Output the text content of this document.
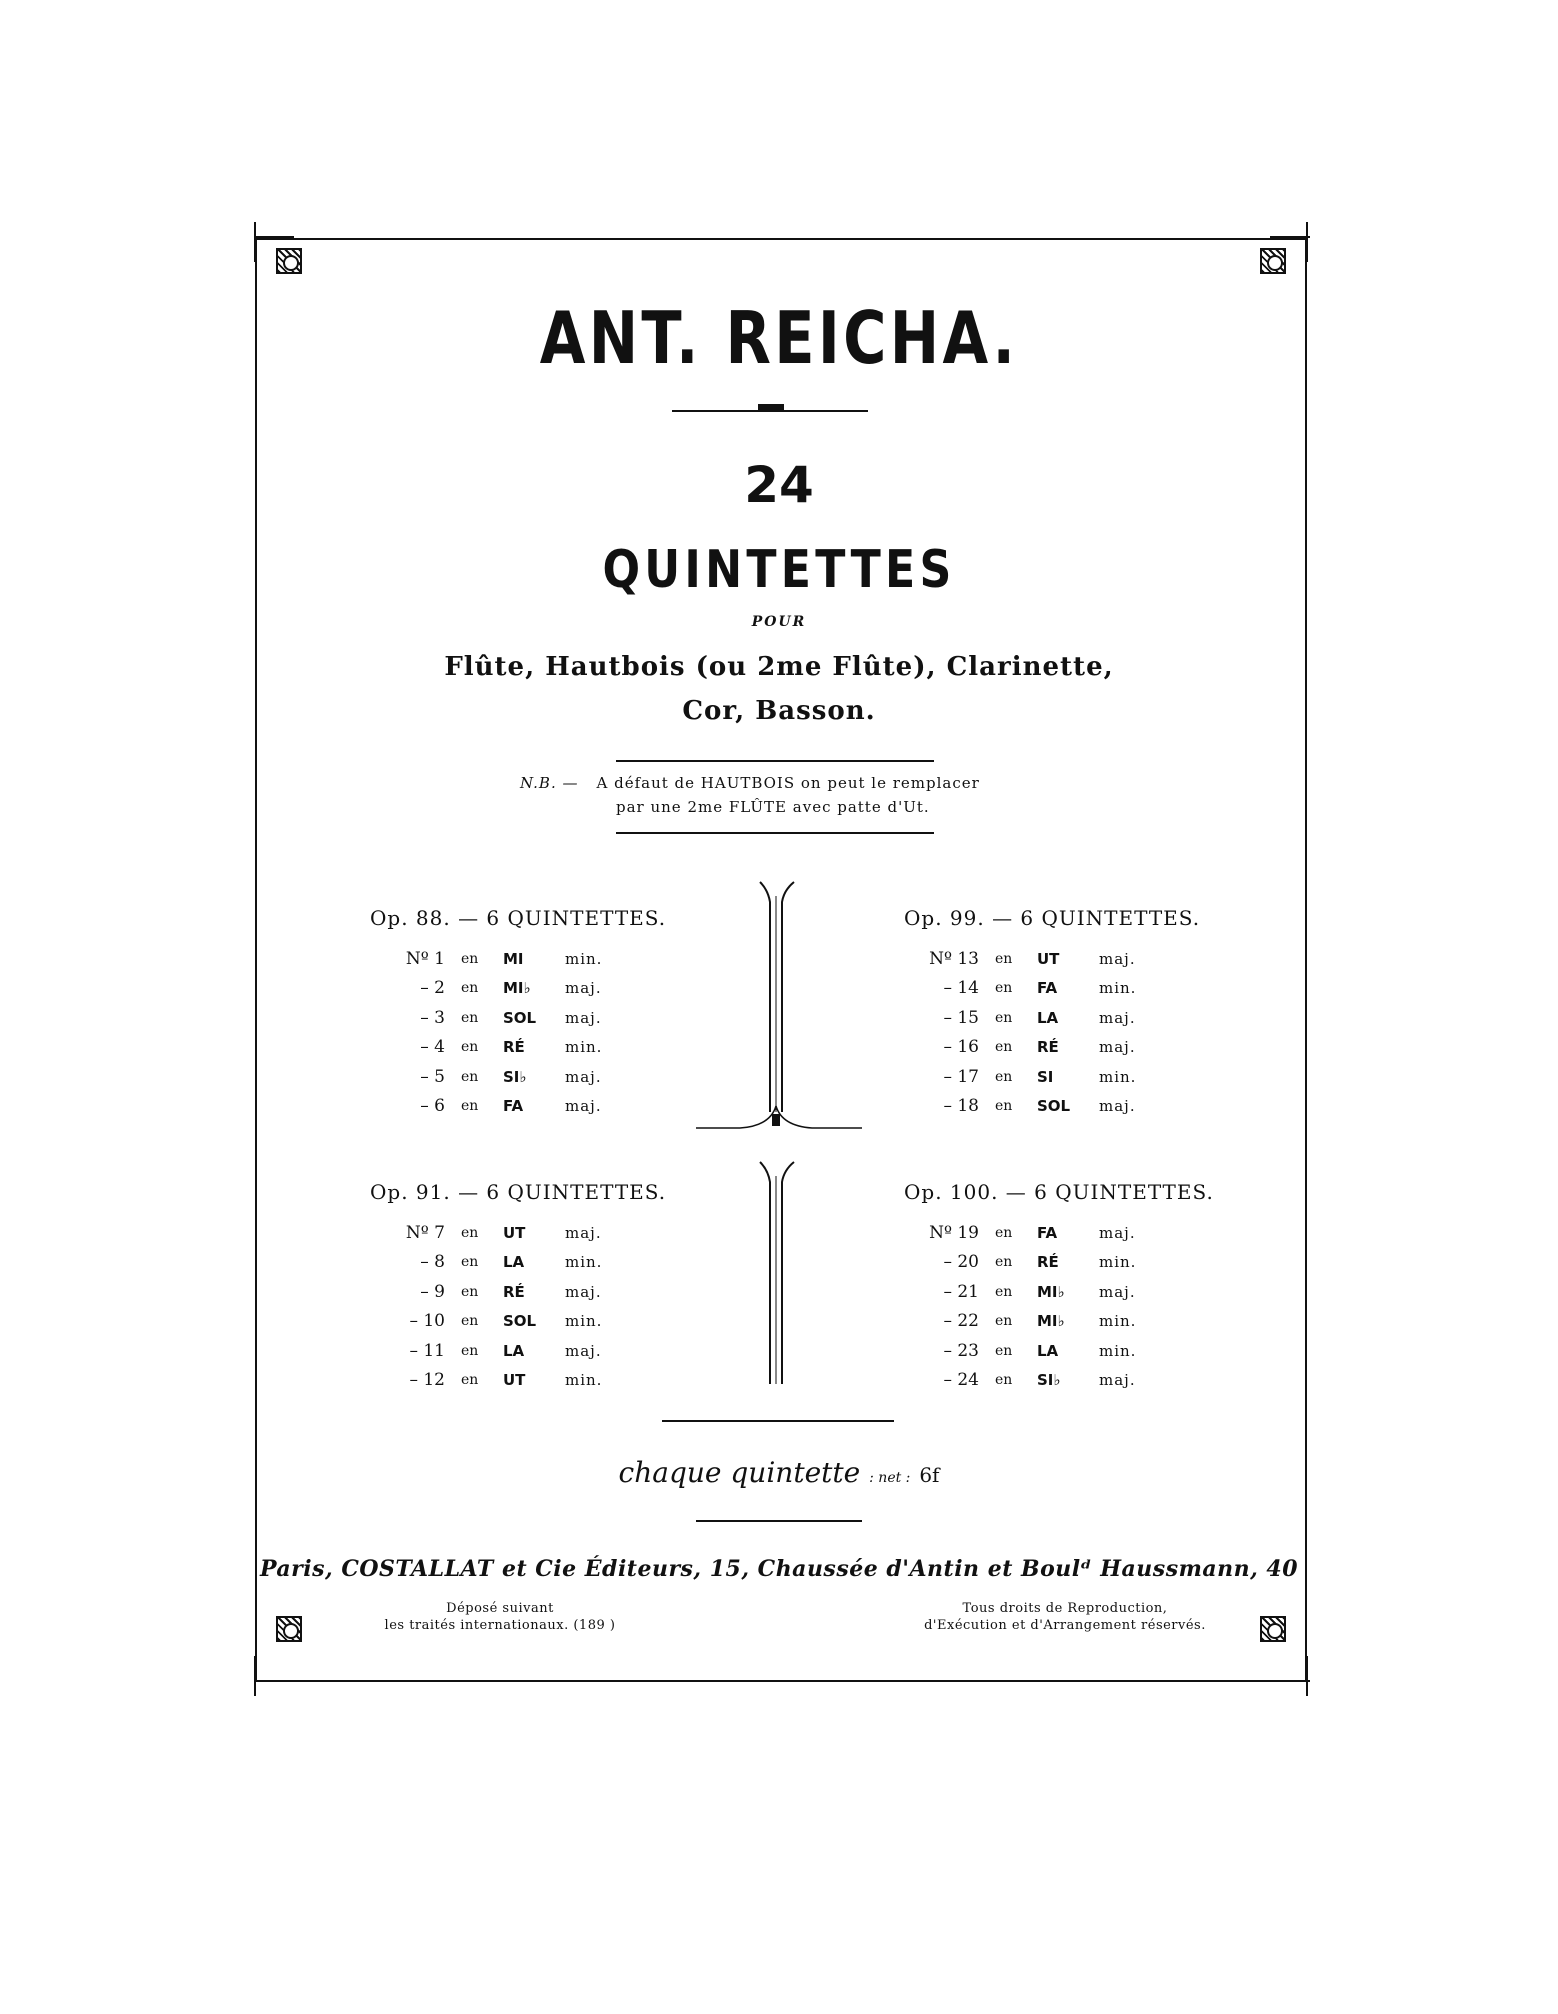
ANT. REICHA.
24
QUINTETTES
POUR
Flûte, Hautbois (ou 2me Flûte), Clarinette,
Cor, Basson.
N.B. — A défaut de HAUTBOIS on peut le remplacer
par une 2me FLÛTE avec patte d'Ut.
Op. 88. — 6 QUINTETTES.
Nº 1	en	MI	min.
– 2	en	MI♭	maj.
– 3	en	SOL	maj.
– 4	en	RÉ	min.
– 5	en	SI♭	maj.
– 6	en	FA	maj.
Op. 99. — 6 QUINTETTES.
Nº 13	en	UT	maj.
– 14	en	FA	min.
– 15	en	LA	maj.
– 16	en	RÉ	maj.
– 17	en	SI	min.
– 18	en	SOL	maj.
Op. 91. — 6 QUINTETTES.
Nº 7	en	UT	maj.
– 8	en	LA	min.
– 9	en	RÉ	maj.
– 10	en	SOL	min.
– 11	en	LA	maj.
– 12	en	UT	min.
Op. 100. — 6 QUINTETTES.
Nº 19	en	FA	maj.
– 20	en	RÉ	min.
– 21	en	MI♭	maj.
– 22	en	MI♭	min.
– 23	en	LA	min.
– 24	en	SI♭	maj.
chaque quintette : net : 6f
Paris, COSTALLAT et Cie Éditeurs, 15, Chaussée d'Antin et Boulᵈ Haussmann, 40
Déposé suivant
les traités internationaux. (189 )
Tous droits de Reproduction,
d'Exécution et d'Arrangement réservés.
